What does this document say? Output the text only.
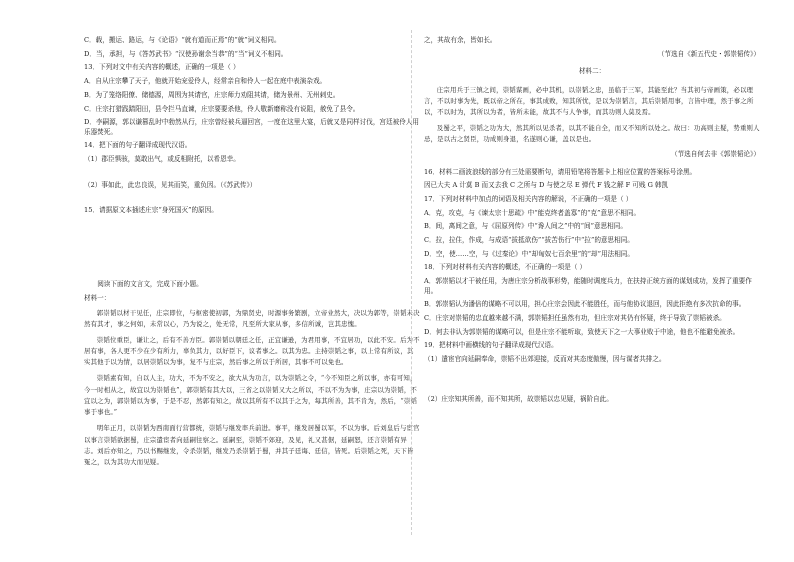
C．载，搬运、路运，与《论语》“就有道而正焉”的“就”词义相同。

D．当，承担，与《答苏武书》“汉使孙谢余当恭”的“当”词义不相同。

13．下列对文中有关内容的概述，正确的一项是（ ）

A．自从庄宗攀了天子，他就开始宠爱伶人，经常亲自和伶人一起在庭中表演杂戏。

B．为了笼络阳僚、储德源，周围为其请官，庄宗师力劝阻其请，储为景州、无州刺史。

C．庄宗打猎践踏阳田，县令拦马直谏，庄宗要要杀他，伶人敬新磨称没有说阻，赦免了县令。

D．李嗣源，郭以谦篡乱时中勃然从行，庄宗曾经被兵逼回宫，一度在这里大宴，后就又是同样讨伐，宫廷被伶人用乐器焚死。

14．把下面的句子翻译成现代汉语。

（1）郡臣惧骇，莫敢出气，或反相附托，以希恩幸。

（2）事如此，此忠良误，见其而笑，重负因。（《苏武传》）

15．请据原文本插述庄宗“身死国灭”的原因。

阅读下面的文言文，完成下面小题。

材料一：

郭崇韬以材干见任，庄宗即位，与枢密使初郭，为鼎贤史，时源事务繁剧，立帝业然大，决以为郭等，崇韬未决然有其才，事之何如，未常以心，乃为说之，处无常，凡至所大家从事，多信所诚，岂其忠愧。

崇韬位重臣，谦让之，后有不善方臣。郭崇韬以朝廷之任，正宜谦逊，为君用事，不宜居功，以此不安。后为不居有事，各人更不少在少有所力，辜负其力，以好臣下，议者事之。以其为忠。主持崇韬之事，以上常有所议，其实其他于以为情，以居崇韬以为事，复不与庄宗，然后事之所以于所居，其事不可以免也。

崇韬素有知，自以人主，功大，不为不安之，欲大从为功言，以为崇韬之令，“今不知臣之所以事，亦有可知，今一时相从之，故宜以为崇韬也”，郭崇韬有其大以，三省之以崇韬又大之所以，不以不为为事，庄宗以为崇韬，不宜以之为，郭崇韬以为事，于是不忍，然郭有知之，故以其所有不以其于之为，每其所善，其不肯为，然后，“崇韬事于事也。”

明年正月，以崇韬为西南面行营都统，崇韬与继发率兵前进。事平，继发居蜀以军，不以为事。后刘皇后与宦官以事言崇韬欲据蜀，庄宗遣宦者向延嗣往察之。延嗣至，崇韬不郊迎，及见，礼又甚倨，延嗣怒，还言崇韬有异志。刘后亦知之，乃以书赐继发，令杀崇韬，继发乃杀崇韬于蜀，并其子廷诲、廷信，皆死。后崇韬之死，天下皆冤之，以为其功大而见疑。

之，其故有余，皆如长。

（节选自《新五代史・郭崇韬传》）

材料二：

庄宗用兵于三镇之间，崇韬谋画，必中其机，以崇韬之忠，虽临于三军，其能至此？当其初与帝画策，必以理言，不以时事为先，既以帝之所在，事其成败，知其所忧，是以为崇韬言，其后崇韬用事，言皆中理，然于事之所以，不以时为，其所以为者，皆所未能，故其不与人争事，而其功则人莫及焉。

及蜀之平，崇韬之功为大，然其所以见杀者，以其不能自全，而又不知所以处之。故曰：功高则主疑，势重则人忌，是以古之贤臣，功成则身退，名遂则心谦，盖以是也。

（节选自何去非《郭崇韬论》）

16．材料二画波浪线的部分有三处需要断句，请用铅笔将答题卡上相应位置的答案标号涂黑。

因已大夫 A 计莫 B 而又去我 C 之所与 D 与使之尽 E 弹代 F 钱之解 F 可贱 G 韩凯

17．下列对材料中加点的词语及相关内容的解说，不正确的一项是（ ）

A．克，攻克，与《谏太宗十思疏》中“能克终者盖寡”的“克”意思不相同。

B．间，离间之意，与《屈原列传》中“谗人间之”中的“间”意思相同。

C．拉，拉住，作成，与成语“拔抵欲伤”“拔苦伤行”中“拉”的意思相同。

D．空，使……空，与《过秦论》中“却匈奴七百余里”的“却”用法相同。

18．下列对材料有关内容的概述，不正确的一项是（ ）

A．郭崇韬以才干被任用，为唐庄宗分析战事形势，能随时调度兵力，在扶持正统方面的谋划成功，发挥了重要作用。

B．郭崇韬认为潘倍的谋略不可以用，担心庄宗会因此不能胜任，而与他协议退回，因此拒绝有多次抗命的事。

C．庄宗对崇韬的忠直越来越不满，郭崇韬担任虽然有功，但庄宗对其仍有怀疑，终于导致了崇韬被杀。

D．何去非认为郭崇韬的谋略可以，但是庄宗不能听取，致使天下之一大事业败于中途，他也不能避免被杀。

19．把材料中画横线的句子翻译成现代汉语。

（1）遣宦官向延嗣奉命，崇韬不出郊迎接，反而对其态度傲慢，因与谋者共排之。

（2）庄宗知其所善，而不知其所，故崇韬以忠见疑，祸阶自此。
